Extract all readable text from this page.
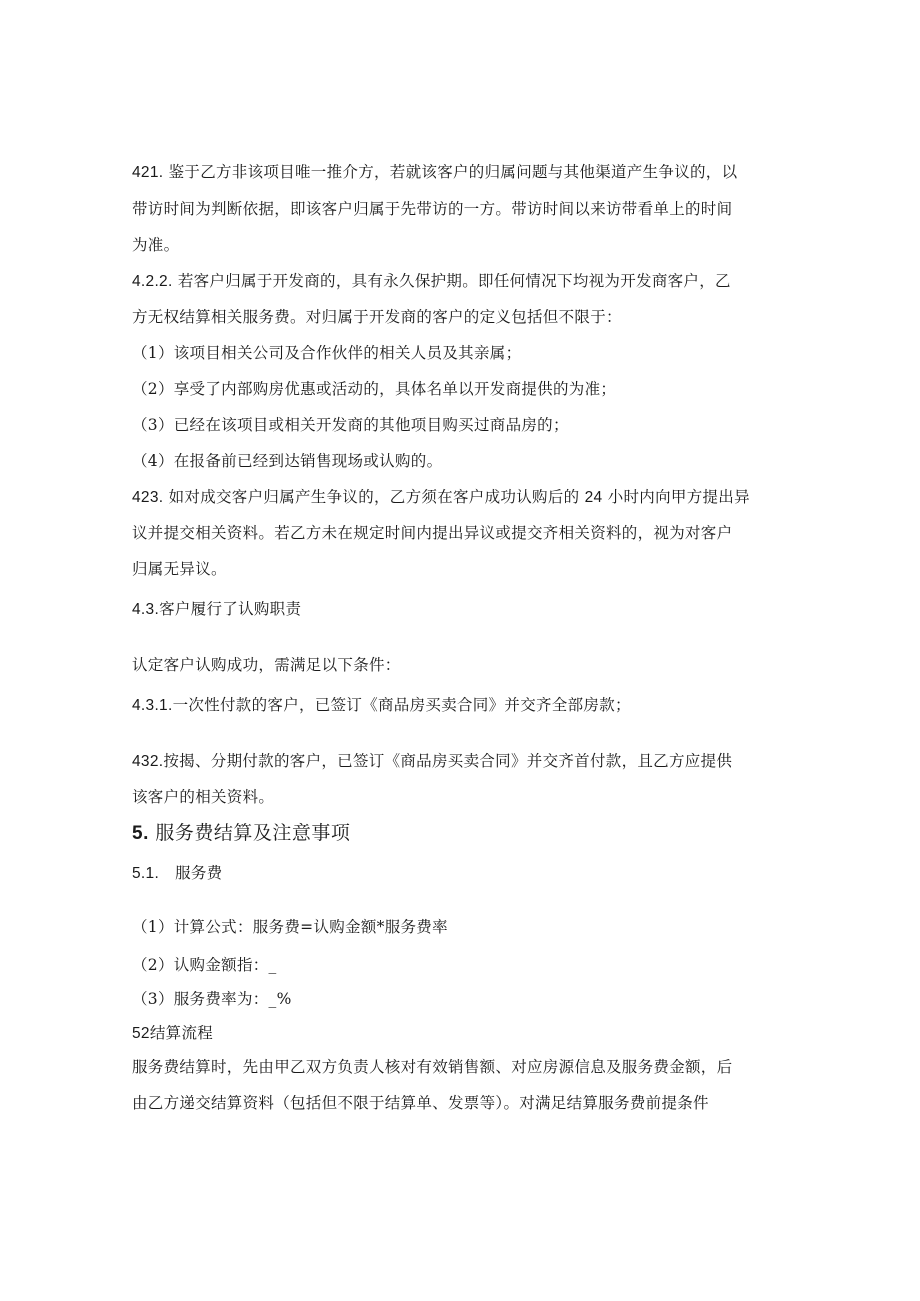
421. 鉴于乙方非该项目唯一推介方，若就该客户的归属问题与其他渠道产生争议的，以
带访时间为判断依据，即该客户归属于先带访的一方。带访时间以来访带看单上的时间
为准。
4.2.2. 若客户归属于开发商的，具有永久保护期。即任何情况下均视为开发商客户，乙
方无权结算相关服务费。对归属于开发商的客户的定义包括但不限于：
（1）该项目相关公司及合作伙伴的相关人员及其亲属；
（2）享受了内部购房优惠或活动的，具体名单以开发商提供的为准；
（3）已经在该项目或相关开发商的其他项目购买过商品房的；
（4）在报备前已经到达销售现场或认购的。
423. 如对成交客户归属产生争议的，乙方须在客户成功认购后的 24 小时内向甲方提出异
议并提交相关资料。若乙方未在规定时间内提出异议或提交齐相关资料的，视为对客户
归属无异议。
4.3.客户履行了认购职责
认定客户认购成功，需满足以下条件：
4.3.1.一次性付款的客户，已签订《商品房买卖合同》并交齐全部房款；
432.按揭、分期付款的客户，已签订《商品房买卖合同》并交齐首付款，且乙方应提供
该客户的相关资料。
5. 服务费结算及注意事项
5.1. 服务费
（1）计算公式：服务费=认购金额*服务费率
（2）认购金额指：_
（3）服务费率为：_%
52结算流程
服务费结算时，先由甲乙双方负责人核对有效销售额、对应房源信息及服务费金额，后
由乙方递交结算资料（包括但不限于结算单、发票等）。对满足结算服务费前提条件
